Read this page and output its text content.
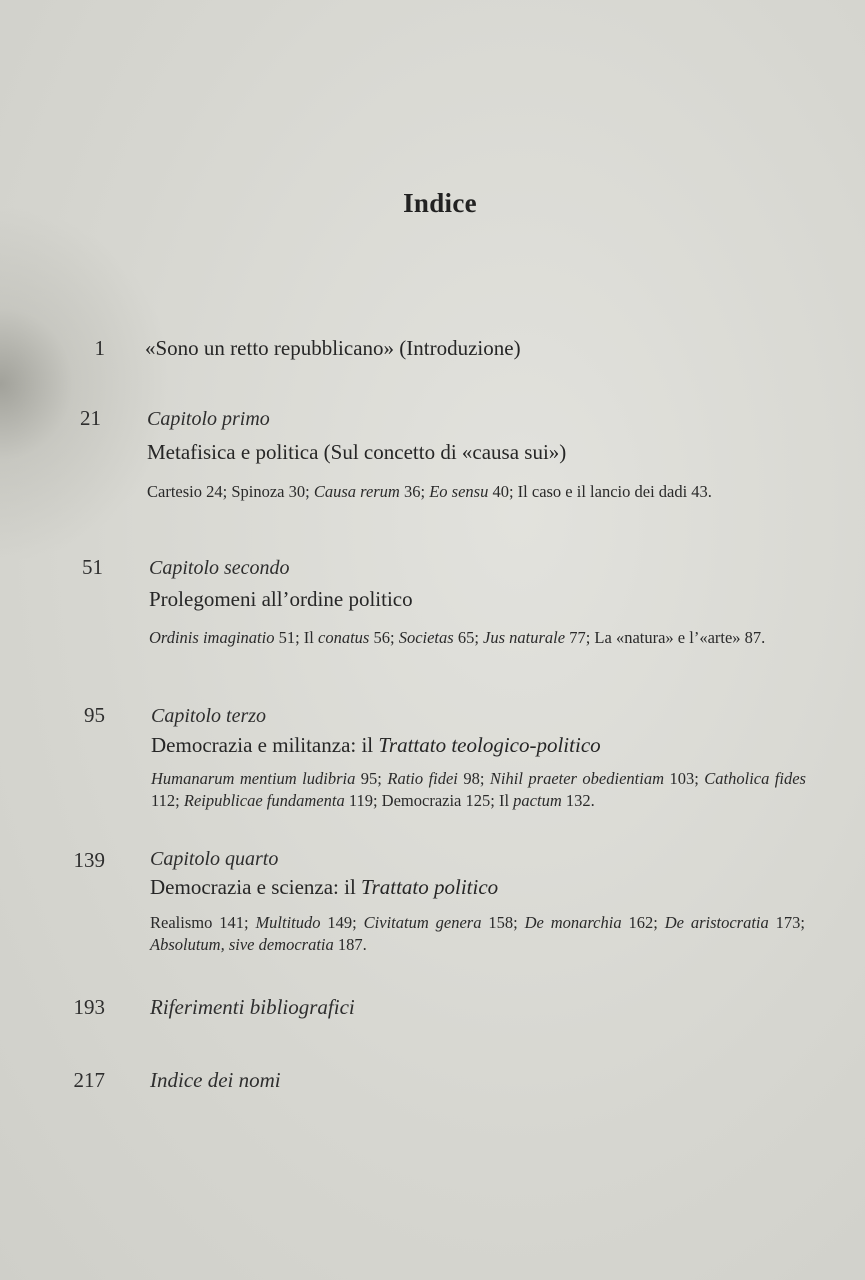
Indice
1 «Sono un retto repubblicano» (Introduzione)
21 Capitolo primo
Metafisica e politica (Sul concetto di «causa sui»)
Cartesio 24; Spinoza 30; Causa rerum 36; Eo sensu 40; Il caso e il lancio dei dadi 43.
51 Capitolo secondo
Prolegomeni all’ordine politico
Ordinis imaginatio 51; Il conatus 56; Societas 65; Jus naturale 77; La «natura» e l’«arte» 87.
95 Capitolo terzo
Democrazia e militanza: il Trattato teologico-politico
Humanarum mentium ludibria 95; Ratio fidei 98; Nihil praeter obedientiam 103; Catholica fides 112; Reipublicae fundamenta 119; Democrazia 125; Il pactum 132.
139 Capitolo quarto
Democrazia e scienza: il Trattato politico
Realismo 141; Multitudo 149; Civitatum genera 158; De monarchia 162; De aristocratia 173; Absolutum, sive democratia 187.
193 Riferimenti bibliografici
217 Indice dei nomi
